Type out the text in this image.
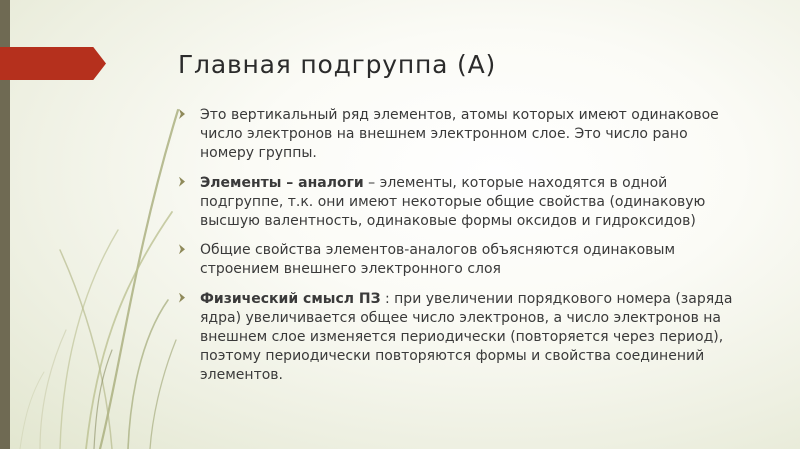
Главная подгруппа (А)
Это вертикальный ряд элементов, атомы которых имеют одинаковое число электронов на внешнем электронном слое. Это число рано номеру группы.
Элементы – аналоги – элементы, которые находятся в одной подгруппе, т.к. они имеют некоторые общие свойства (одинаковую высшую валентность, одинаковые формы оксидов и гидроксидов)
Общие свойства элементов-аналогов объясняются одинаковым строением внешнего электронного слоя
Физический смысл ПЗ : при увеличении порядкового номера (заряда ядра) увеличивается общее число электронов, а число электронов на внешнем слое изменяется периодически (повторяется через период), поэтому периодически повторяются формы и свойства соединений элементов.
